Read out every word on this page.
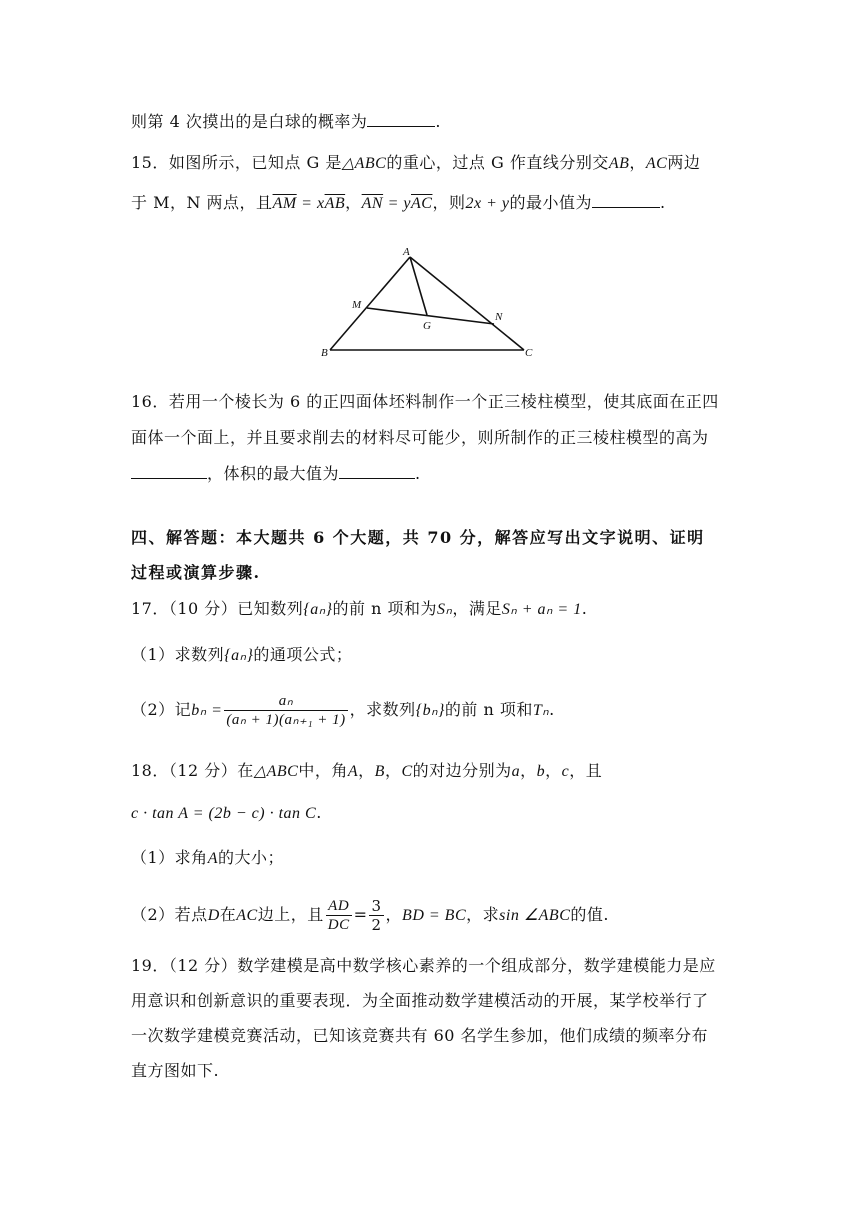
则第 4 次摸出的是白球的概率为	.
15．如图所示，已知点 G 是△ABC的重心，过点 G 作直线分别交AB，AC两边
于 M，N 两点，且$\overline{AM} = x\overline{AB}$，$\overline{AN} = y\overline{AC}$，则2x + y的最小值为	.
A
B	C
M
N
G
16．若用一个棱长为 6 的正四面体坯料制作一个正三棱柱模型，使其底面在正四
面体一个面上，并且要求削去的材料尽可能少，则所制作的正三棱柱模型的高为
，体积的最大值为	.
四、解答题：本大题共 6 个大题，共 70 分，解答应写出文字说明、证明
过程或演算步骤.
17．（10 分）已知数列{aₙ}的前 n 项和为Sₙ，满足Sₙ + aₙ = 1.
（1）求数列{aₙ}的通项公式；
（2）记$b_n = \frac{\text{aₙ}}{\text{(aₙ + 1)(aₙ₊₁ + 1)}}$ ，求数列{bₙ}的前 n 项和Tₙ.
18．（12 分）在△ABC中，角A，B，C的对边分别为a，b，c，且
c · tan A = (2b − c) · tan C.
（1）求角A的大小；
（2）若点D在AC边上，且 $\frac{AD}{DC} = \frac{3}{2}$ ，BD = BC，求sin ∠ABC的值.
19．（12 分）数学建模是高中数学核心素养的一个组成部分，数学建模能力是应
用意识和创新意识的重要表现．为全面推动数学建模活动的开展，某学校举行了
一次数学建模竞赛活动，已知该竞赛共有 60 名学生参加，他们成绩的频率分布
直方图如下.
